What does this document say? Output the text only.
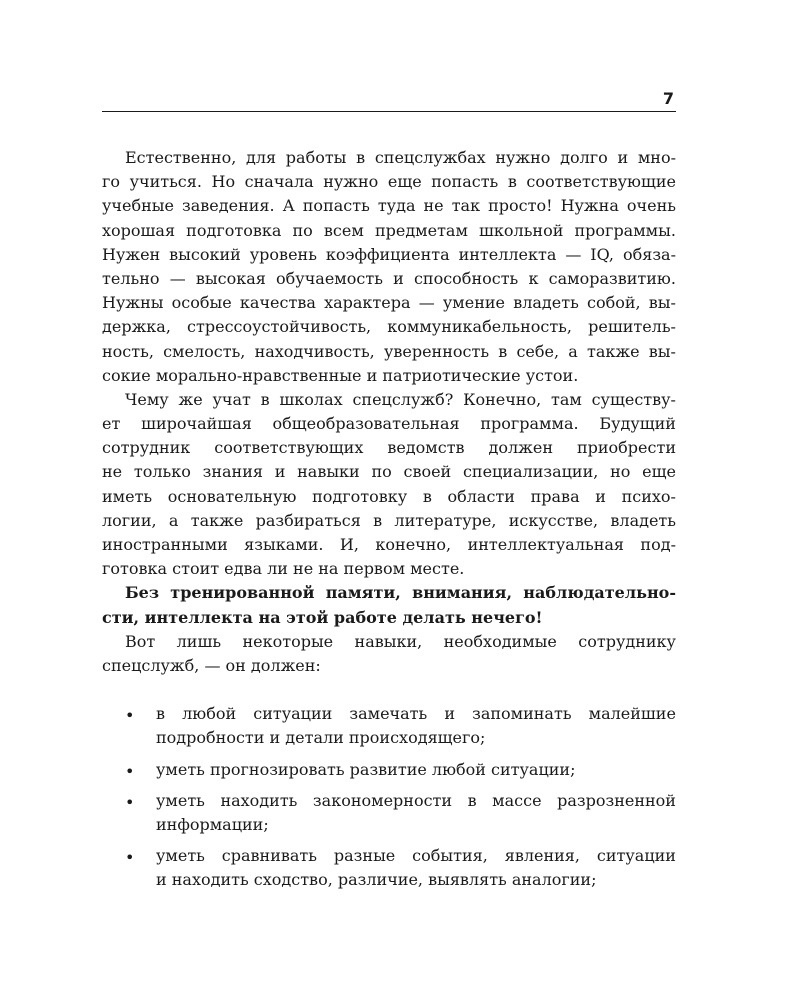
7
Естественно, для работы в спецслужбах нужно долго и мно-
го учиться. Но сначала нужно еще попасть в соответствующие
учебные заведения. А попасть туда не так просто! Нужна очень
хорошая подготовка по всем предметам школьной программы.
Нужен высокий уровень коэффициента интеллекта — IQ, обяза-
тельно — высокая обучаемость и способность к саморазвитию.
Нужны особые качества характера — умение владеть собой, вы-
держка, стрессоустойчивость, коммуникабельность, решитель-
ность, смелость, находчивость, уверенность в себе, а также вы-
сокие морально-нравственные и патриотические устои.
Чему же учат в школах спецслужб? Конечно, там существу-
ет широчайшая общеобразовательная программа. Будущий
сотрудник соответствующих ведомств должен приобрести
не только знания и навыки по своей специализации, но еще
иметь основательную подготовку в области права и психо-
логии, а также разбираться в литературе, искусстве, владеть
иностранными языками. И, конечно, интеллектуальная под-
готовка стоит едва ли не на первом месте.
Без тренированной памяти, внимания, наблюдательно-
сти, интеллекта на этой работе делать нечего!
Вот лишь некоторые навыки, необходимые сотруднику
спецслужб, — он должен:
• в любой ситуации замечать и запоминать малейшие
подробности и детали происходящего;
• уметь прогнозировать развитие любой ситуации;
• уметь находить закономерности в массе разрозненной
информации;
• уметь сравнивать разные события, явления, ситуации
и находить сходство, различие, выявлять аналогии;
